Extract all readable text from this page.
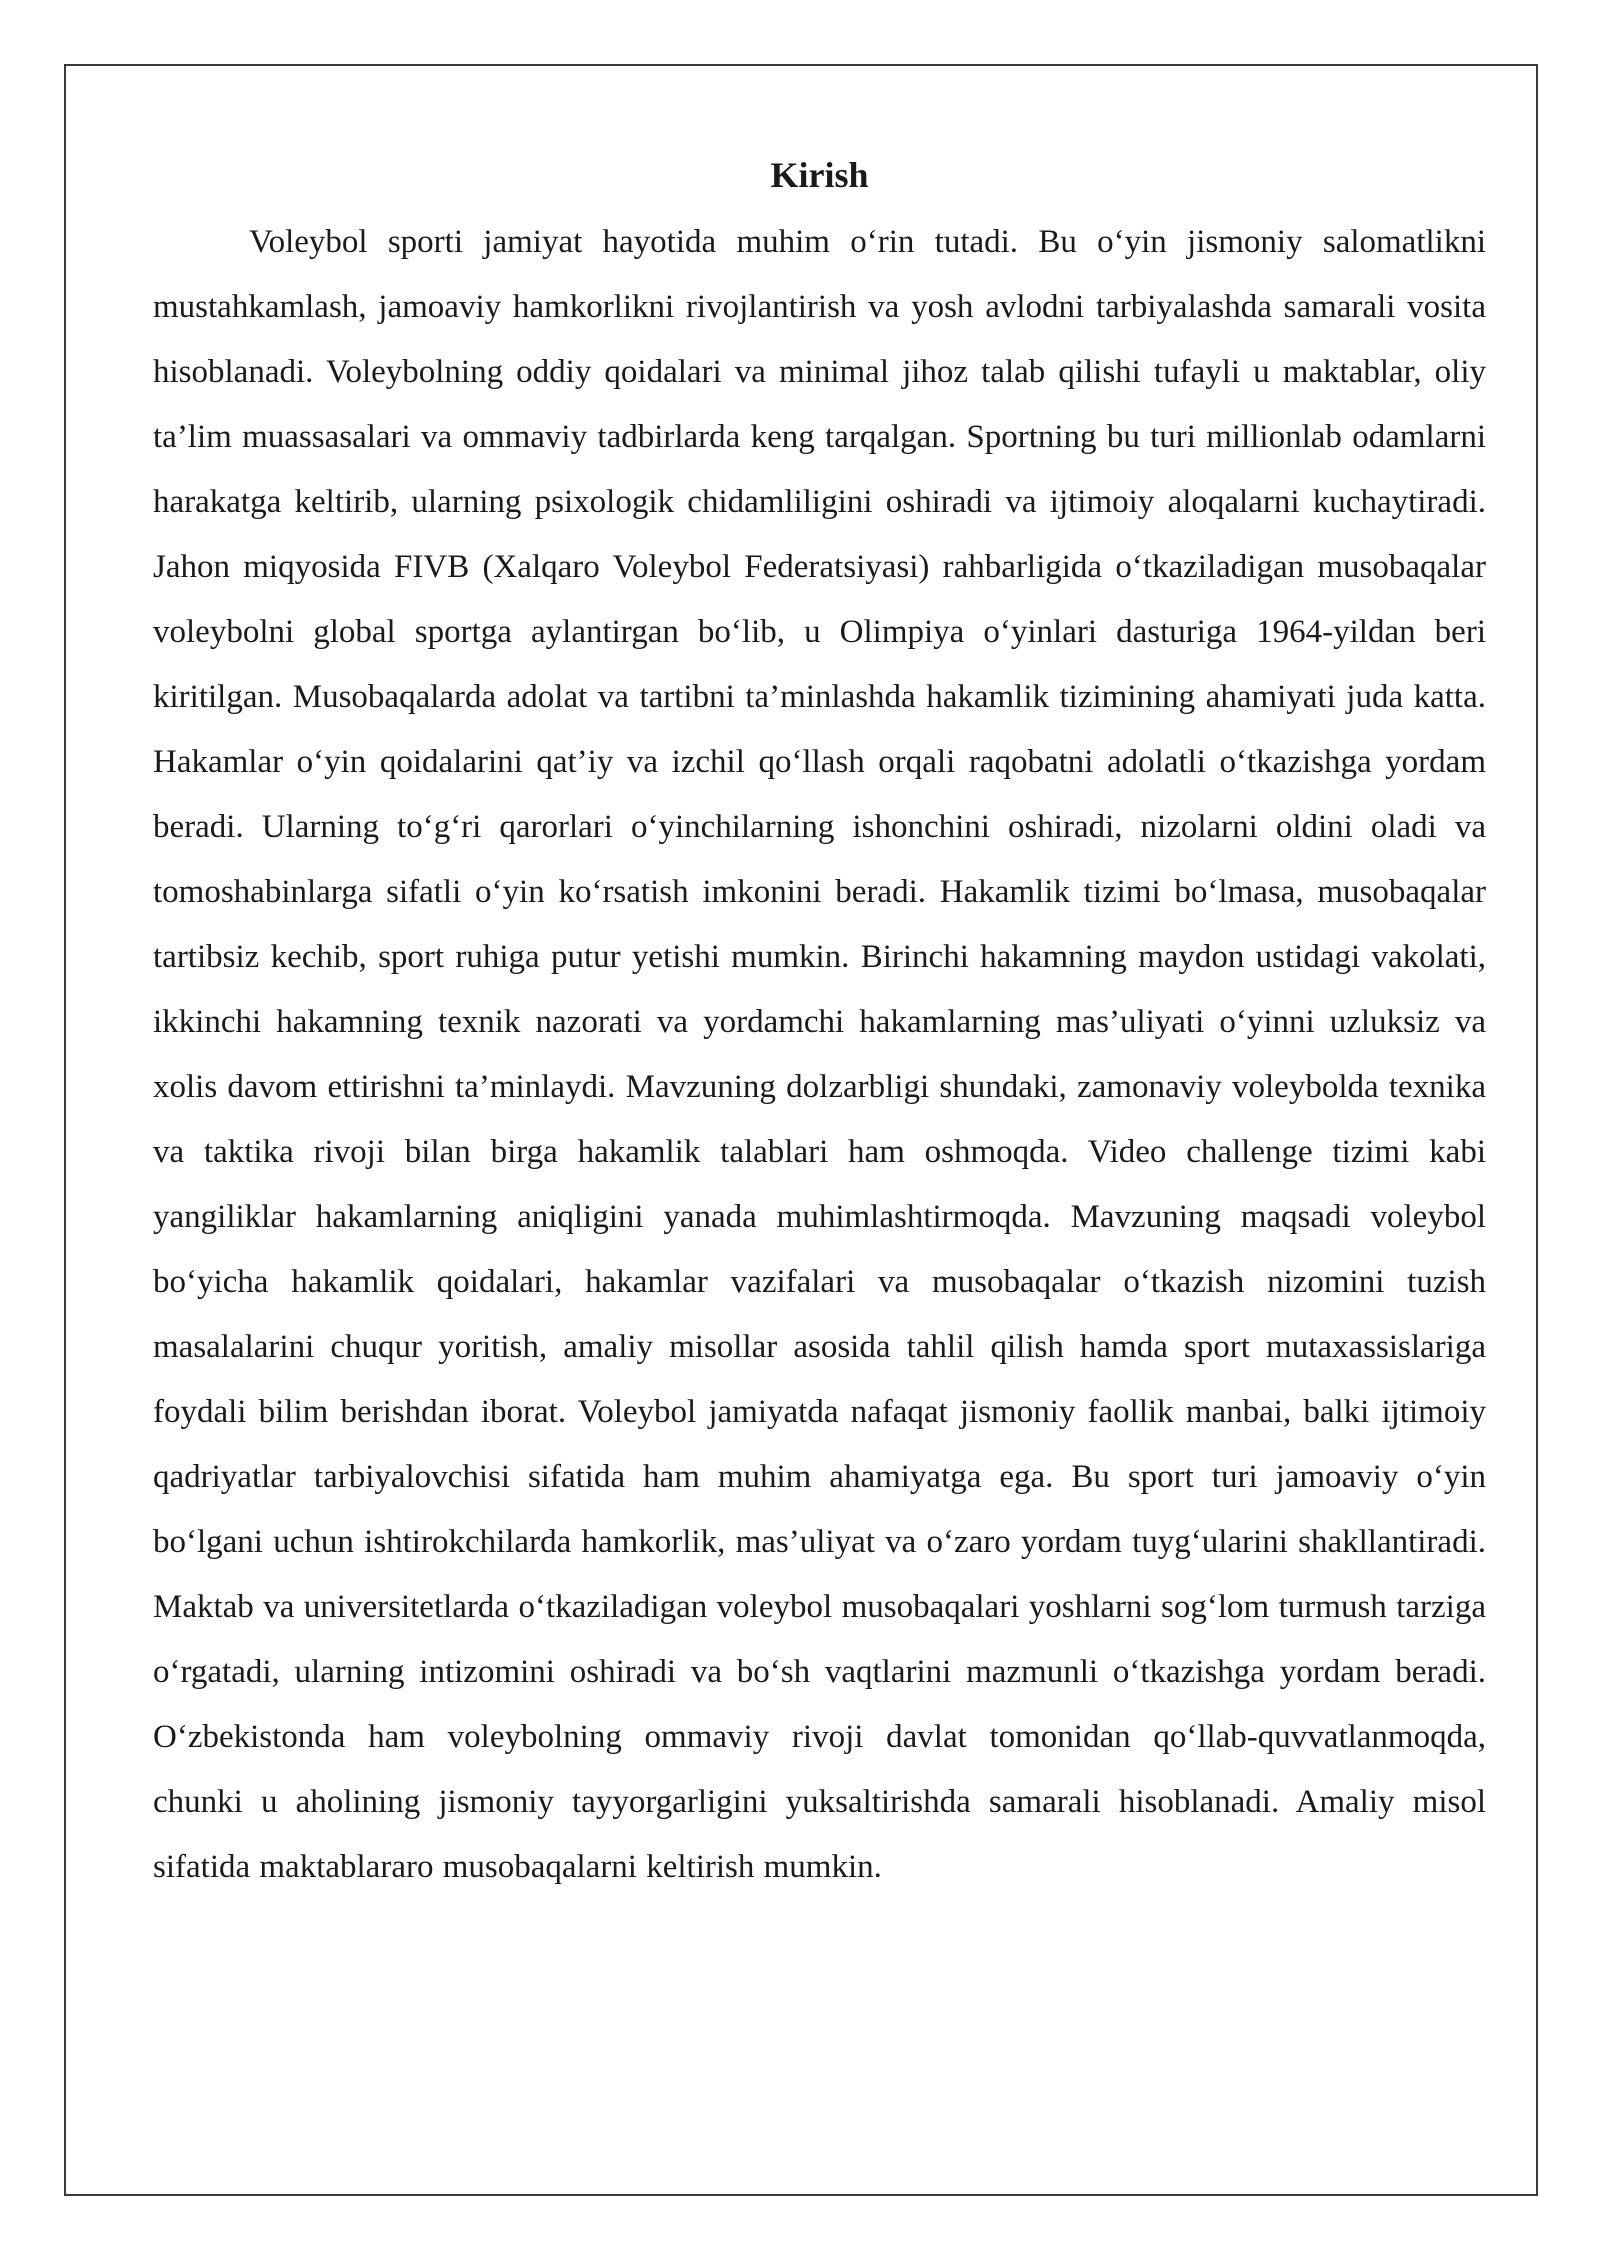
Kirish

Voleybol sporti jamiyat hayotida muhim o‘rin tutadi. Bu o‘yin jismoniy salomatlikni mustahkamlash, jamoaviy hamkorlikni rivojlantirish va yosh avlodni tarbiyalashda samarali vosita hisoblanadi. Voleybolning oddiy qoidalari va minimal jihoz talab qilishi tufayli u maktablar, oliy ta’lim muassasalari va ommaviy tadbirlarda keng tarqalgan. Sportning bu turi millionlab odamlarni harakatga keltirib, ularning psixologik chidamliligini oshiradi va ijtimoiy aloqalarni kuchaytiradi. Jahon miqyosida FIVB (Xalqaro Voleybol Federatsiyasi) rahbarligida o‘tkaziladigan musobaqalar voleybolni global sportga aylantirgan bo‘lib, u Olimpiya o‘yinlari dasturiga 1964-yildan beri kiritilgan. Musobaqalarda adolat va tartibni ta’minlashda hakamlik tizimining ahamiyati juda katta. Hakamlar o‘yin qoidalarini qat’iy va izchil qo‘llash orqali raqobatni adolatli o‘tkazishga yordam beradi. Ularning to‘g‘ri qarorlari o‘yinchilarning ishonchini oshiradi, nizolarni oldini oladi va tomoshabinlarga sifatli o‘yin ko‘rsatish imkonini beradi. Hakamlik tizimi bo‘lmasa, musobaqalar tartibsiz kechib, sport ruhiga putur yetishi mumkin. Birinchi hakamning maydon ustidagi vakolati, ikkinchi hakamning texnik nazorati va yordamchi hakamlarning mas’uliyati o‘yinni uzluksiz va xolis davom ettirishni ta’minlaydi. Mavzuning dolzarbligi shundaki, zamonaviy voleybolda texnika va taktika rivoji bilan birga hakamlik talablari ham oshmoqda. Video challenge tizimi kabi yangiliklar hakamlarning aniqligini yanada muhimlashtirmoqda. Mavzuning maqsadi voleybol bo‘yicha hakamlik qoidalari, hakamlar vazifalari va musobaqalar o‘tkazish nizomini tuzish masalalarini chuqur yoritish, amaliy misollar asosida tahlil qilish hamda sport mutaxassislariga foydali bilim berishdan iborat. Voleybol jamiyatda nafaqat jismoniy faollik manbai, balki ijtimoiy qadriyatlar tarbiyalovchisi sifatida ham muhim ahamiyatga ega. Bu sport turi jamoaviy o‘yin bo‘lgani uchun ishtirokchilarda hamkorlik, mas’uliyat va o‘zaro yordam tuyg‘ularini shakllantiradi. Maktab va universitetlarda o‘tkaziladigan voleybol musobaqalari yoshlarni sog‘lom turmush tarziga o‘rgatadi, ularning intizomini oshiradi va bo‘sh vaqtlarini mazmunli o‘tkazishga yordam beradi. O‘zbekistonda ham voleybolning ommaviy rivoji davlat tomonidan qo‘llab-quvvatlanmoqda, chunki u aholining jismoniy tayyorgarligini yuksaltirishda samarali hisoblanadi. Amaliy misol sifatida maktablararo musobaqalarni keltirish mumkin.
